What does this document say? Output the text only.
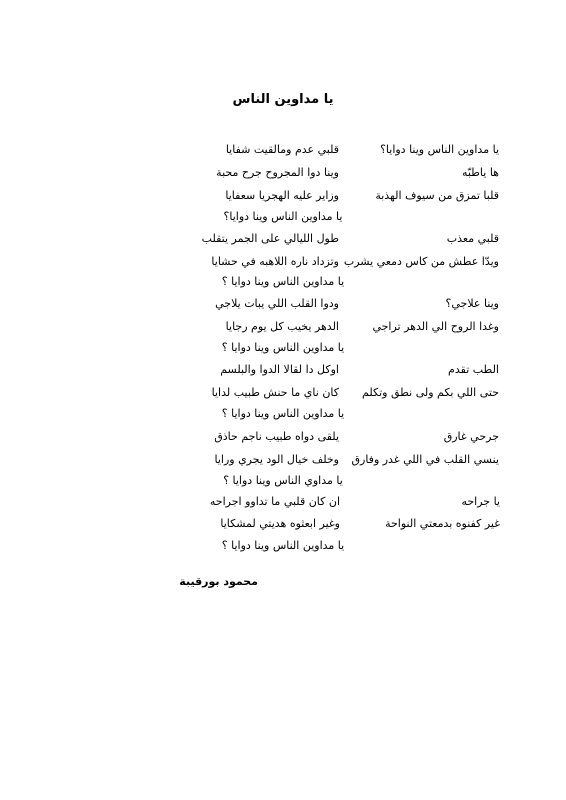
يا مداوين الناس
يا مداوين الناس وينا دوايا؟
قلبي عدم ومالقيت شفايا
ها ياطبّه
وينا دوا المجروح جرح محبة
قلبا تمزق من سيوف الهذبة
وزاير عليه الهجريا سعفايا
يا مداوين الناس وينا دوايا؟
قلبي معذب
طول الليالي على الجمر يتقلب
ويدّا عطش من كاس دمعي يشرب
وتزداد ناره اللاهبه في حشايا
يا مداوين الناس وينا دوايا ؟
وينا علاجي؟
ودوا القلب اللي يبات يلاجي
وغدا الروح الي الدهر تراجي
الدهر يخيب كل يوم رجايا
يا مداوين الناس وينا دوايا ؟
الطب تقدم
اوكل دا لقالا الدوا والبلسم
حتى اللي بكم ولى نطق وتكلم
كان ناي ما حنش طبيب لدايا
يا مداوين الناس وينا دوايا ؟
جرحي غارق
يلقى دواه طبيب ناجم حاذق
ينسي القلب في اللي غدر وفارق
وخلف خيال الود يجري ورايا
يا مداوي الناس وينا دوايا ؟
يا جراحه
ان كان قلبي ما تداوو اجراحه
غير كفنوه بدمعتي النواحة
وغير ابعثوه هديتي لمشكايا
يا مداوين الناس وينا دوايا ؟
محمود بورقيبة
